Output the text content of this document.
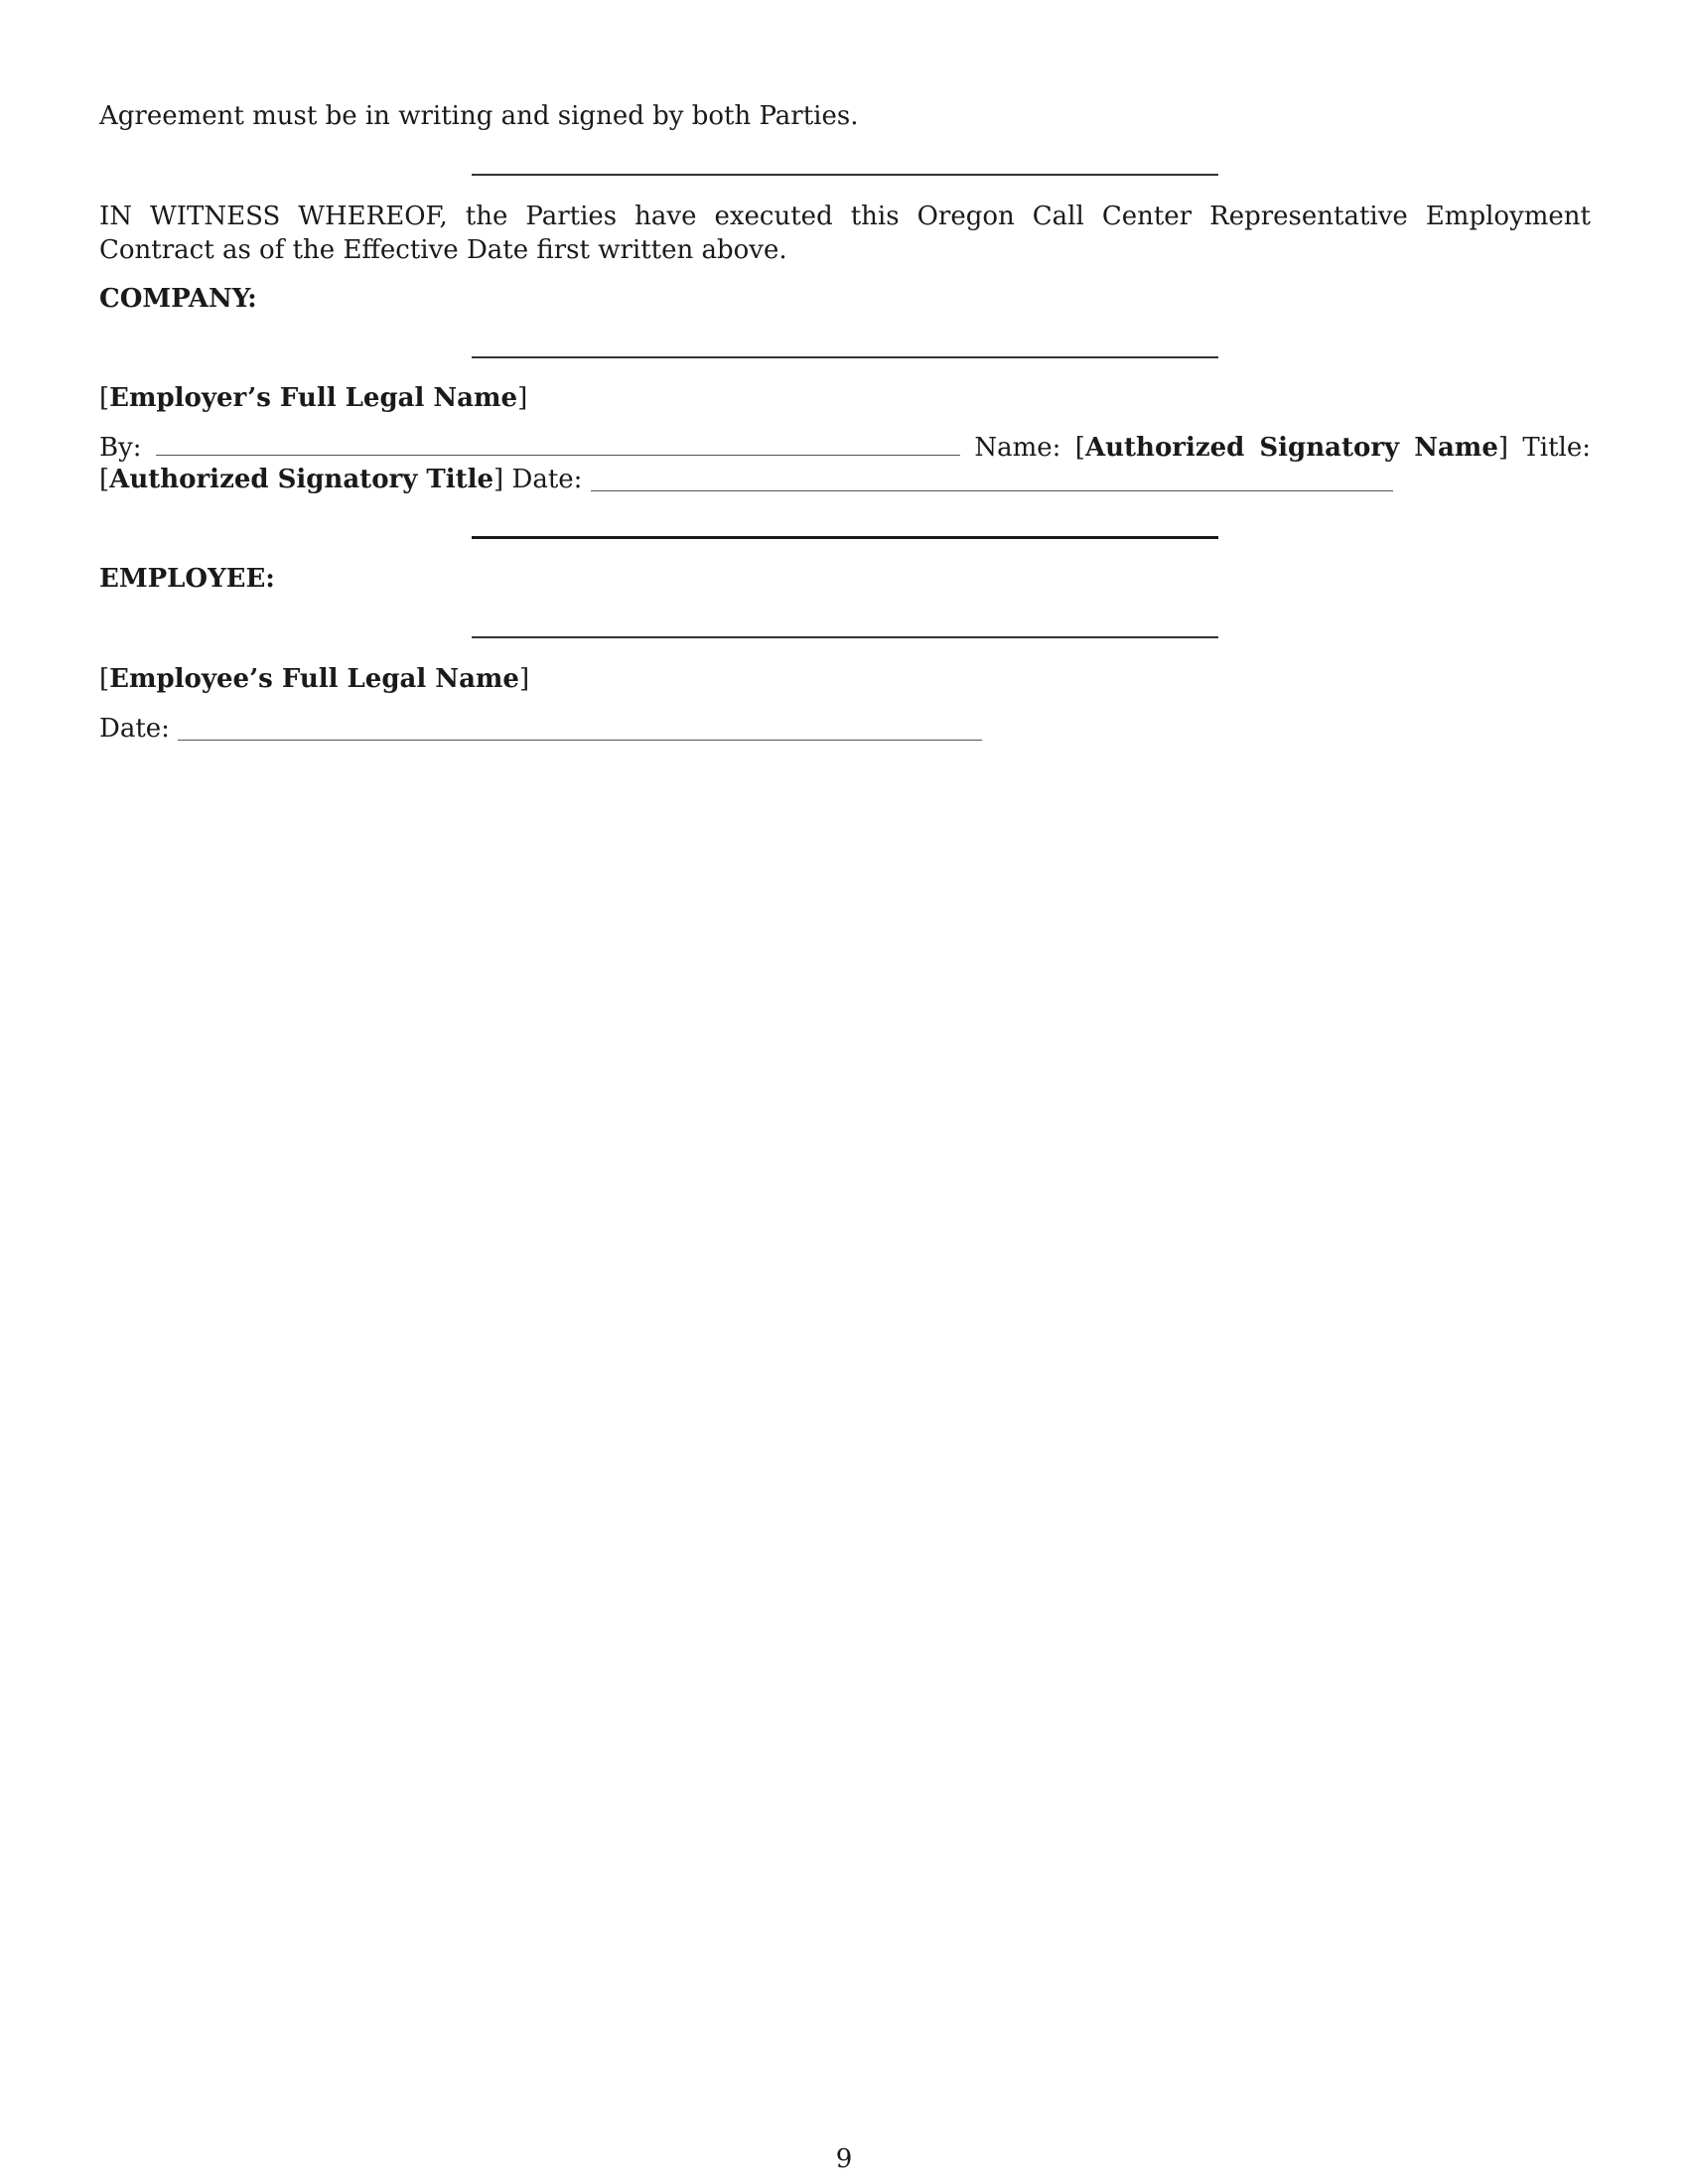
Agreement must be in writing and signed by both Parties.
IN WITNESS WHEREOF, the Parties have executed this Oregon Call Center Representative Employment Contract as of the Effective Date first written above.
COMPANY:
[Employer’s Full Legal Name]
By:	Name: [Authorized Signatory Name] Title:
[Authorized Signatory Title] Date:
EMPLOYEE:
[Employee’s Full Legal Name]
Date:
9
